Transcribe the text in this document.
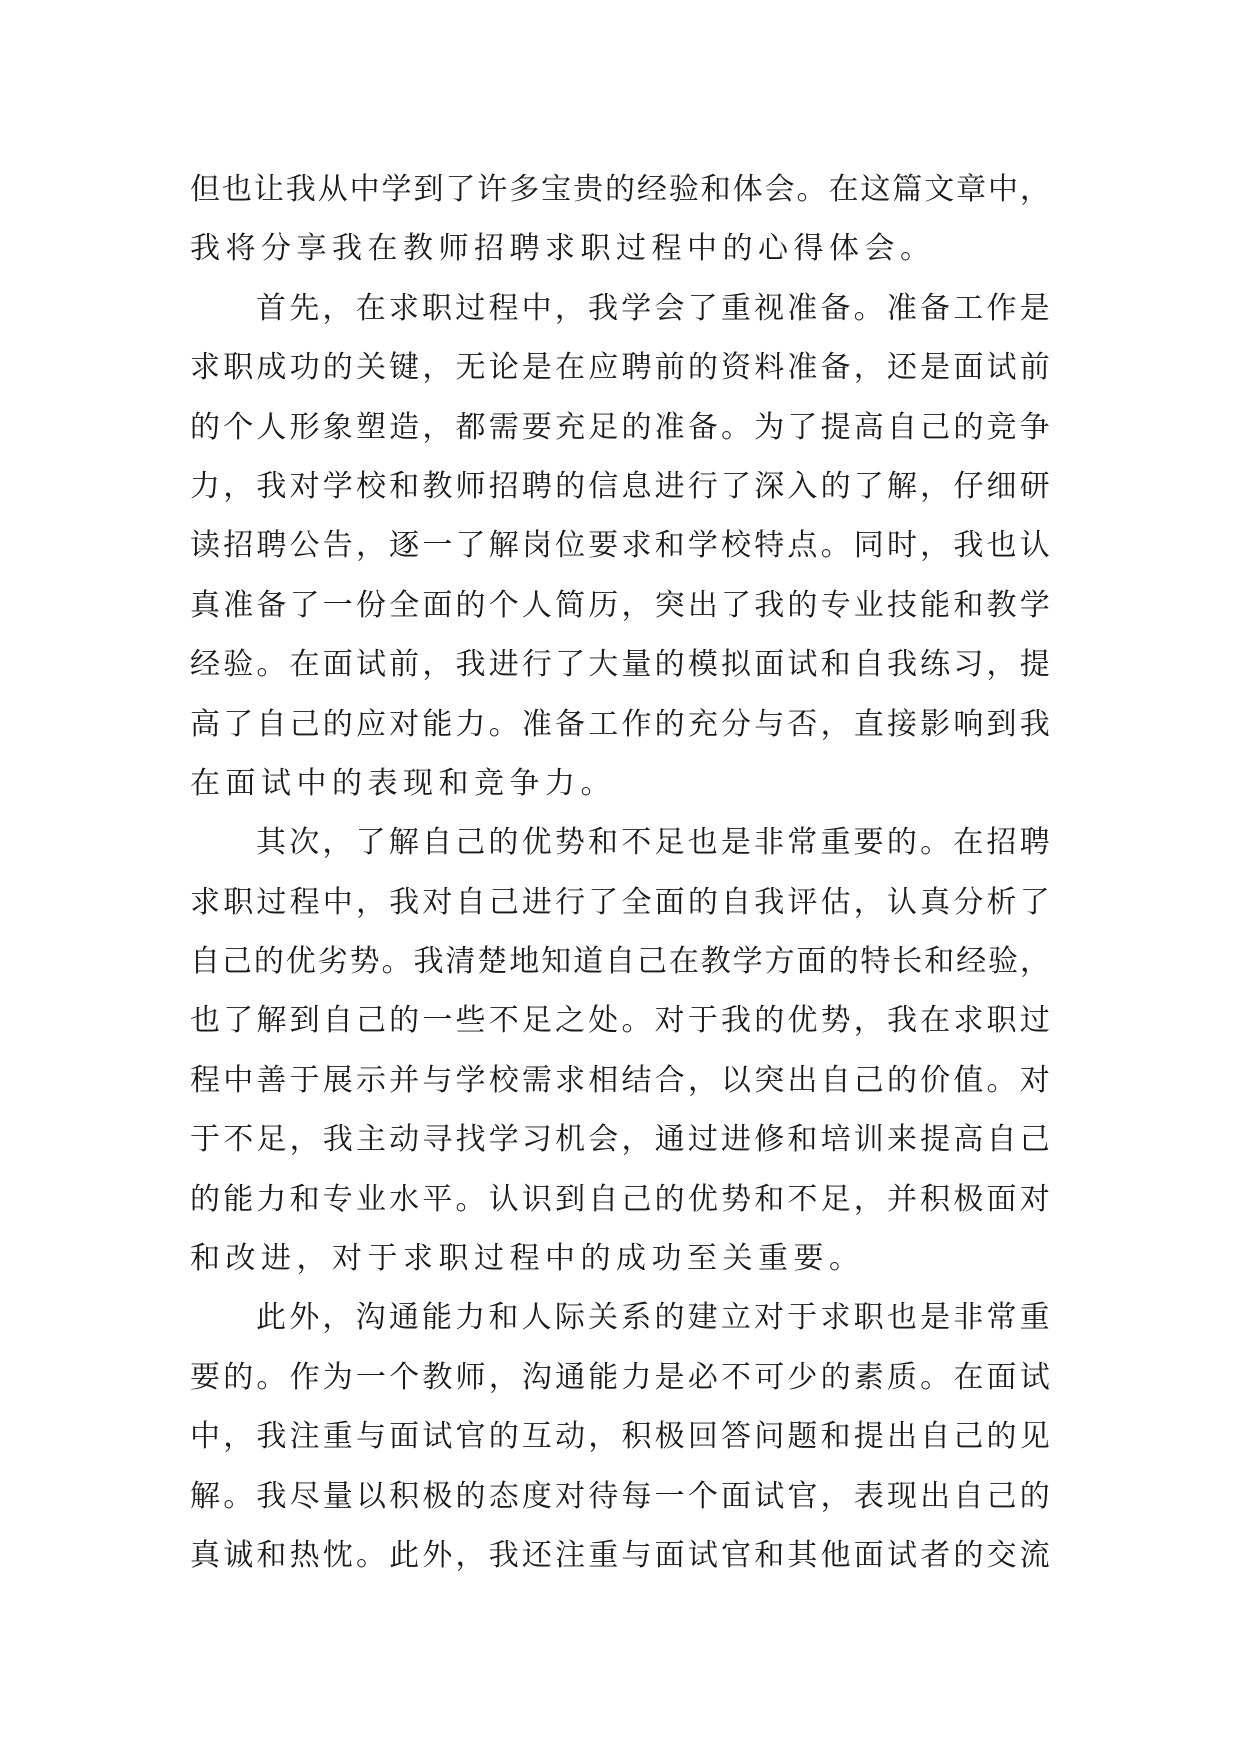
但 也 让 我 从 中 学 到 了 许 多 宝 贵 的 经 验 和 体 会 。 在 这 篇 文 章 中 ，
我 将 分 享 我 在 教 师 招 聘 求 职 过 程 中 的 心 得 体 会 。
首 先 ， 在 求 职 过 程 中 ， 我 学 会 了 重 视 准 备 。 准 备 工 作 是
求 职 成 功 的 关 键 ， 无 论 是 在 应 聘 前 的 资 料 准 备 ， 还 是 面 试 前
的 个 人 形 象 塑 造 ， 都 需 要 充 足 的 准 备 。 为 了 提 高 自 己 的 竞 争
力 ， 我 对 学 校 和 教 师 招 聘 的 信 息 进 行 了 深 入 的 了 解 ， 仔 细 研
读 招 聘 公 告 ， 逐 一 了 解 岗 位 要 求 和 学 校 特 点 。 同 时 ， 我 也 认
真 准 备 了 一 份 全 面 的 个 人 简 历 ， 突 出 了 我 的 专 业 技 能 和 教 学
经 验 。 在 面 试 前 ， 我 进 行 了 大 量 的 模 拟 面 试 和 自 我 练 习 ， 提
高 了 自 己 的 应 对 能 力 。 准 备 工 作 的 充 分 与 否 ， 直 接 影 响 到 我
在 面 试 中 的 表 现 和 竞 争 力 。
其 次 ， 了 解 自 己 的 优 势 和 不 足 也 是 非 常 重 要 的 。 在 招 聘
求 职 过 程 中 ， 我 对 自 己 进 行 了 全 面 的 自 我 评 估 ， 认 真 分 析 了
自 己 的 优 劣 势 。 我 清 楚 地 知 道 自 己 在 教 学 方 面 的 特 长 和 经 验 ，
也 了 解 到 自 己 的 一 些 不 足 之 处 。 对 于 我 的 优 势 ， 我 在 求 职 过
程 中 善 于 展 示 并 与 学 校 需 求 相 结 合 ， 以 突 出 自 己 的 价 值 。 对
于 不 足 ， 我 主 动 寻 找 学 习 机 会 ， 通 过 进 修 和 培 训 来 提 高 自 己
的 能 力 和 专 业 水 平 。 认 识 到 自 己 的 优 势 和 不 足 ， 并 积 极 面 对
和 改 进 ， 对 于 求 职 过 程 中 的 成 功 至 关 重 要 。
此 外 ， 沟 通 能 力 和 人 际 关 系 的 建 立 对 于 求 职 也 是 非 常 重
要 的 。 作 为 一 个 教 师 ， 沟 通 能 力 是 必 不 可 少 的 素 质 。 在 面 试
中 ， 我 注 重 与 面 试 官 的 互 动 ， 积 极 回 答 问 题 和 提 出 自 己 的 见
解 。 我 尽 量 以 积 极 的 态 度 对 待 每 一 个 面 试 官 ， 表 现 出 自 己 的
真 诚 和 热 忱 。 此 外 ， 我 还 注 重 与 面 试 官 和 其 他 面 试 者 的 交 流
